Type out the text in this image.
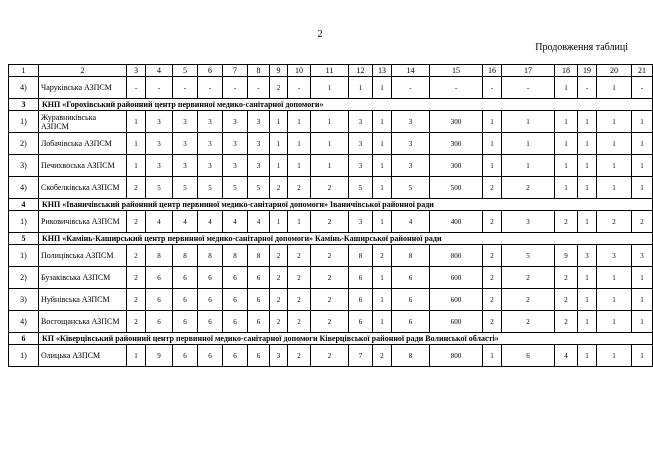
2
Продовження таблиці
1	2	3	4	5	6	7	8	9	10	11	12	13	14	15	16	17	18	19	20	21	
4)	Чаруківська АЗПСМ	-	-	-	-	-	-	2	-	1	1	1	-	-	-	-	1	-	1	-	
3	КНП «Горохівський районний центр первинної медико-санітарної допомоги»																				
1)	Журавниківська АЗПСМ	1	3	3	3	3	3	1	1	1	3	1	3	300	1	1	1	1	1	1	
2)	Лобачівська АЗПСМ	1	3	3	3	3	3	1	1	1	3	1	3	300	1	1	1	1	1	1	
3)	Печихвоська АЗПСМ	1	3	3	3	3	3	1	1	1	3	1	3	300	1	1	1	1	1	1	
4)	Скобелківська АЗПСМ	2	5	5	5	5	5	2	2	2	5	1	5	500	2	2	1	1	1	1	
4	КНП «Іваничівський районний центр первинної медико-санітарної допомоги» Іваничівської районної ради																				
1)	Риковичівська АЗПСМ	2	4	4	4	4	4	1	1	2	3	1	4	400	2	3	2	1	2	2	
5	КНП «Камінь-Каширський центр первинної медико-санітарної допомоги» Камінь-Каширської районної ради																				
1)	Полицівська АЗПСМ	2	8	8	8	8	8	2	2	2	8	2	8	800	2	5	9	3	3	3	
2)	Бузаківська АЗПСМ	2	6	6	6	6	6	2	2	2	6	1	6	600	2	2	2	1	1	1	
3)	Нуйнівська АЗПСМ	2	6	6	6	6	6	2	2	2	6	1	6	600	2	2	2	1	1	1	
4)	Восгощанська АЗПСМ	2	6	6	6	6	6	2	2	2	6	1	6	600	2	2	2	1	1	1	
6	КП «Ківерцівський районний центр первинної медико-санітарної допомоги Ківерцівської районної ради Волинської області»																				
1)	Олицька АЗПСМ	1	9	6	6	6	6	3	2	2	7	2	8	800	1	6	4	1	1	1	
